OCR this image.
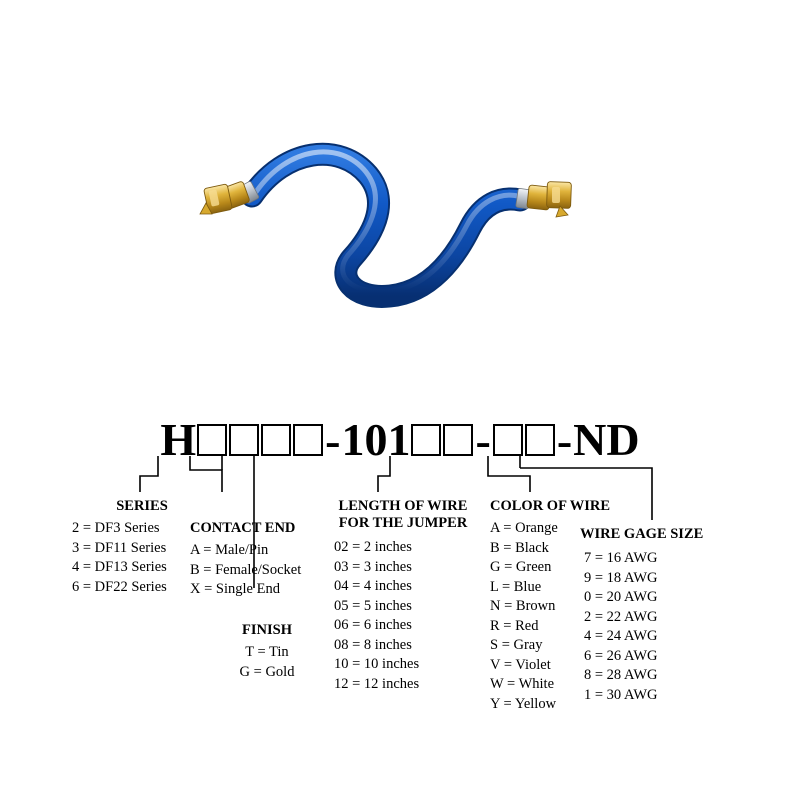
H	- 1 0 1 - - N D
SERIES
2 = DF3 Series
3 = DF11 Series
4 = DF13 Series
6 = DF22 Series
CONTACT END
A = Male/Pin
B = Female/Socket
X = Single End
FINISH
T = Tin
G = Gold
LENGTH OF WIRE
FOR THE JUMPER
02 = 2 inches
03 = 3 inches
04 = 4 inches
05 = 5 inches
06 = 6 inches
08 = 8 inches
10 = 10 inches
12 = 12 inches
COLOR OF WIRE
A = Orange
B = Black
G = Green
L = Blue
N = Brown
R = Red
S = Gray
V = Violet
W = White
Y = Yellow
WIRE GAGE SIZE
7 = 16 AWG
9 = 18 AWG
0 = 20 AWG
2 = 22 AWG
4 = 24 AWG
6 = 26 AWG
8 = 28 AWG
1 = 30 AWG
